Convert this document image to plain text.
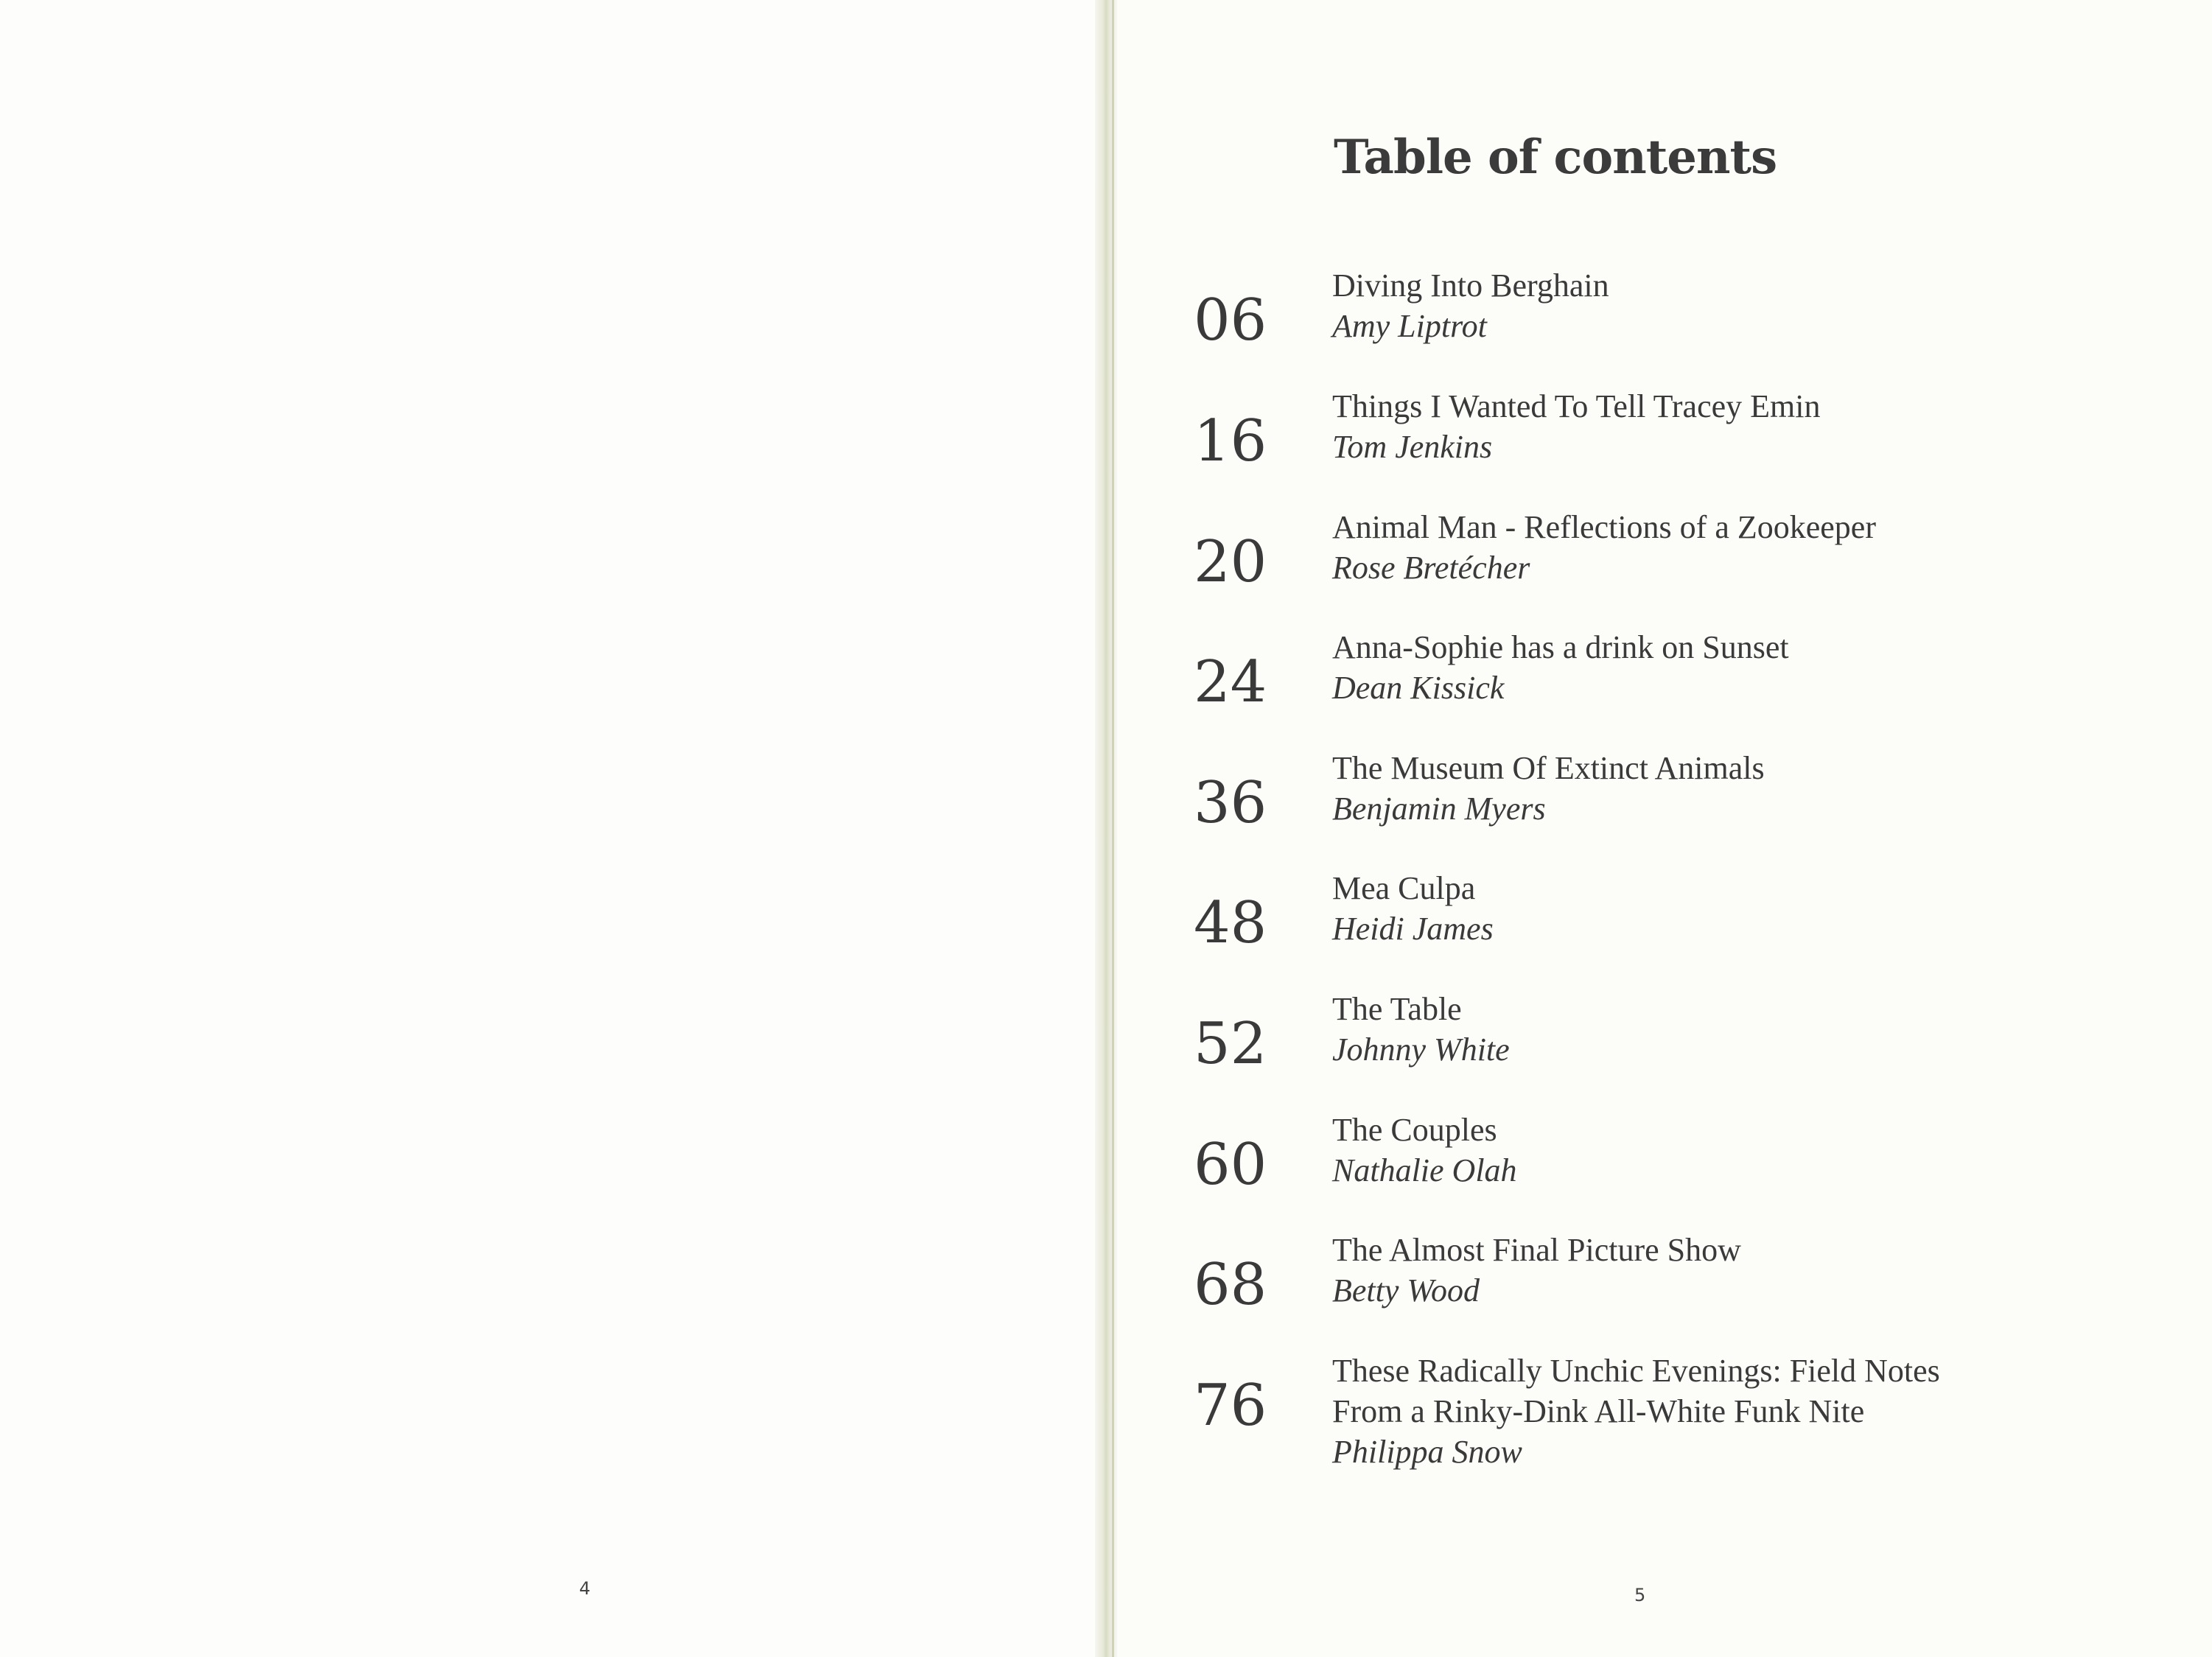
4	5
Table of contents
06
Diving Into Berghain
Amy Liptrot
16
Things I Wanted To Tell Tracey Emin
Tom Jenkins
20
Animal Man - Reflections of a Zookeeper
Rose Bretécher
24
Anna-Sophie has a drink on Sunset
Dean Kissick
36
The Museum Of Extinct Animals
Benjamin Myers
48
Mea Culpa
Heidi James
52
The Table
Johnny White
60
The Couples
Nathalie Olah
68
The Almost Final Picture Show
Betty Wood
76
These Radically Unchic Evenings: Field Notes
From a Rinky-Dink All-White Funk Nite
Philippa Snow
